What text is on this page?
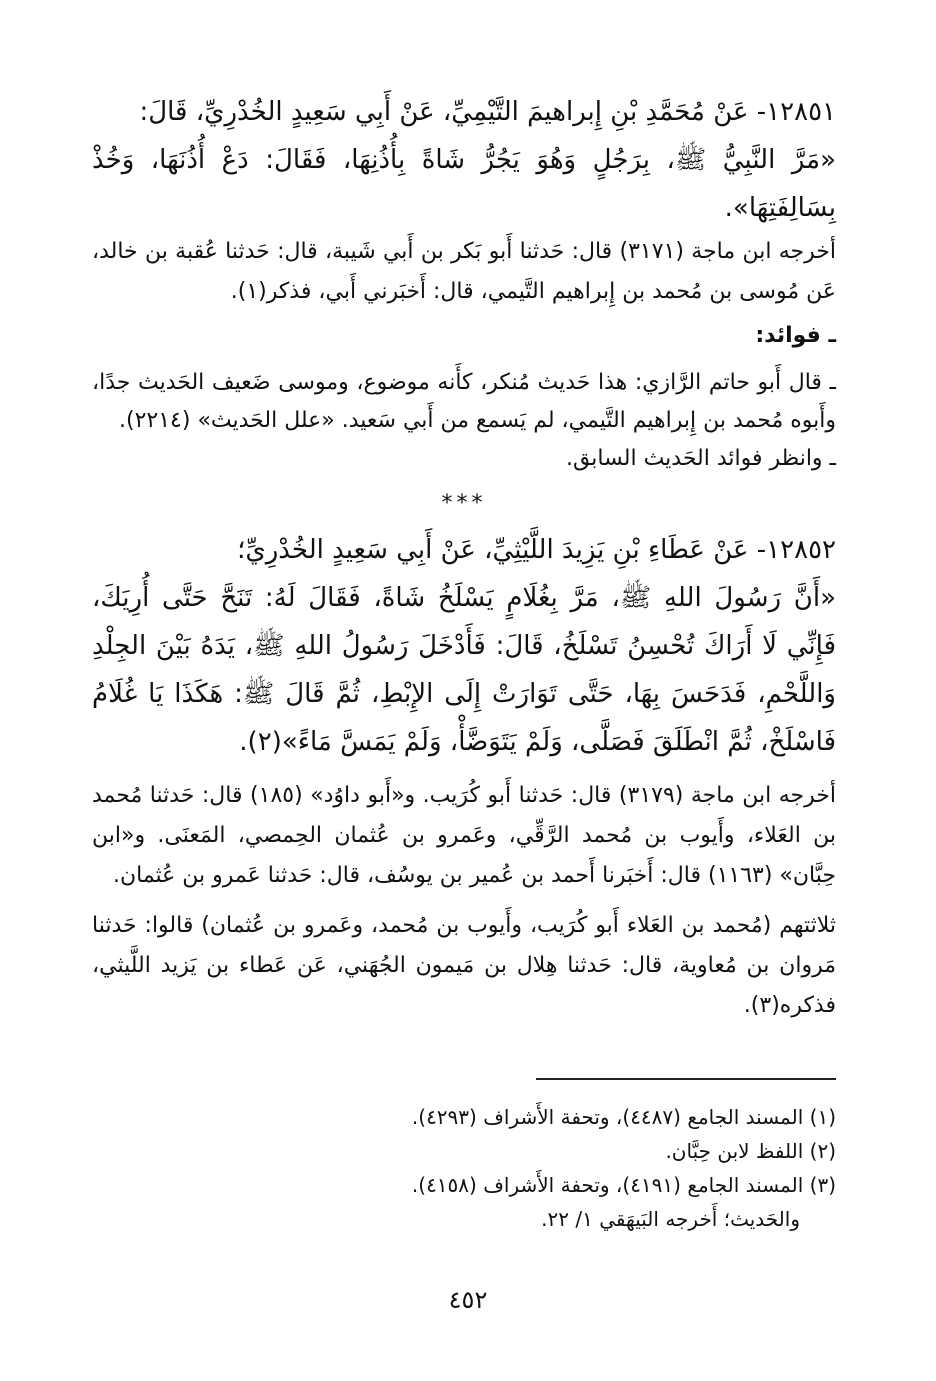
١٢٨٥١- عَنْ مُحَمَّدِ بْنِ إِبراهيمَ التَّيْمِيِّ، عَنْ أَبِي سَعِيدٍ الخُدْرِيِّ، قَالَ:

«مَرَّ النَّبِيُّ ﷺ، بِرَجُلٍ وَهُوَ يَجُرُّ شَاةً بِأُذُنِهَا، فَقَالَ: دَعْ أُذُنَهَا، وَخُذْ بِسَالِفَتِهَا».

أخرجه ابن ماجة (٣١٧١) قال: حَدثنا أَبو بَكر بن أَبي شَيبة، قال: حَدثنا عُقبة بن خالد، عَن مُوسى بن مُحمد بن إِبراهيم التَّيمي، قال: أَخبَرني أَبي، فذكر(١).

ـ فوائد:

ـ قال أَبو حاتم الرَّازي: هذا حَديث مُنكر، كأَنه موضوع، وموسى ضَعيف الحَديث جدًا، وأَبوه مُحمد بن إِبراهيم التَّيمي، لم يَسمع من أَبي سَعيد. «علل الحَديث» (٢٢١٤).

ـ وانظر فوائد الحَديث السابق.

***

١٢٨٥٢- عَنْ عَطَاءِ بْنِ يَزِيدَ اللَّيْثِيِّ، عَنْ أَبِي سَعِيدٍ الخُدْرِيِّ؛

«أَنَّ رَسُولَ اللهِ ﷺ، مَرَّ بِغُلَامٍ يَسْلَخُ شَاةً، فَقَالَ لَهُ: تَنَحَّ حَتَّى أُرِيَكَ، فَإِنِّي لَا أَرَاكَ تُحْسِنُ تَسْلَخُ، قَالَ: فَأَدْخَلَ رَسُولُ اللهِ ﷺ، يَدَهُ بَيْنَ الجِلْدِ وَاللَّحْمِ، فَدَحَسَ بِهَا، حَتَّى تَوَارَتْ إِلَى الإِبْطِ، ثُمَّ قَالَ ﷺ: هَكَذَا يَا غُلَامُ فَاسْلَخْ، ثُمَّ انْطَلَقَ فَصَلَّى، وَلَمْ يَتَوَضَّأْ، وَلَمْ يَمَسَّ مَاءً»(٢).

أخرجه ابن ماجة (٣١٧٩) قال: حَدثنا أَبو كُرَيب. و«أَبو داوُد» (١٨٥) قال: حَدثنا مُحمد بن العَلاء، وأَيوب بن مُحمد الرَّقِّي، وعَمرو بن عُثمان الحِمصي، المَعنَى. و«ابن حِبَّان» (١١٦٣) قال: أَخبَرنا أَحمد بن عُمير بن يوسُف، قال: حَدثنا عَمرو بن عُثمان.

ثلاثتهم (مُحمد بن العَلاء أَبو كُرَيب، وأَيوب بن مُحمد، وعَمرو بن عُثمان) قالوا: حَدثنا مَروان بن مُعاوية، قال: حَدثنا هِلال بن مَيمون الجُهَني، عَن عَطاء بن يَزيد اللَّيثي، فذكره(٣).

(١) المسند الجامع (٤٤٨٧)، وتحفة الأَشراف (٤٢٩٣).
(٢) اللفظ لابن حِبَّان.
(٣) المسند الجامع (٤١٩١)، وتحفة الأَشراف (٤١٥٨).
والحَديث؛ أَخرجه البَيهَقي ١/ ٢٢.
٤٥٢
